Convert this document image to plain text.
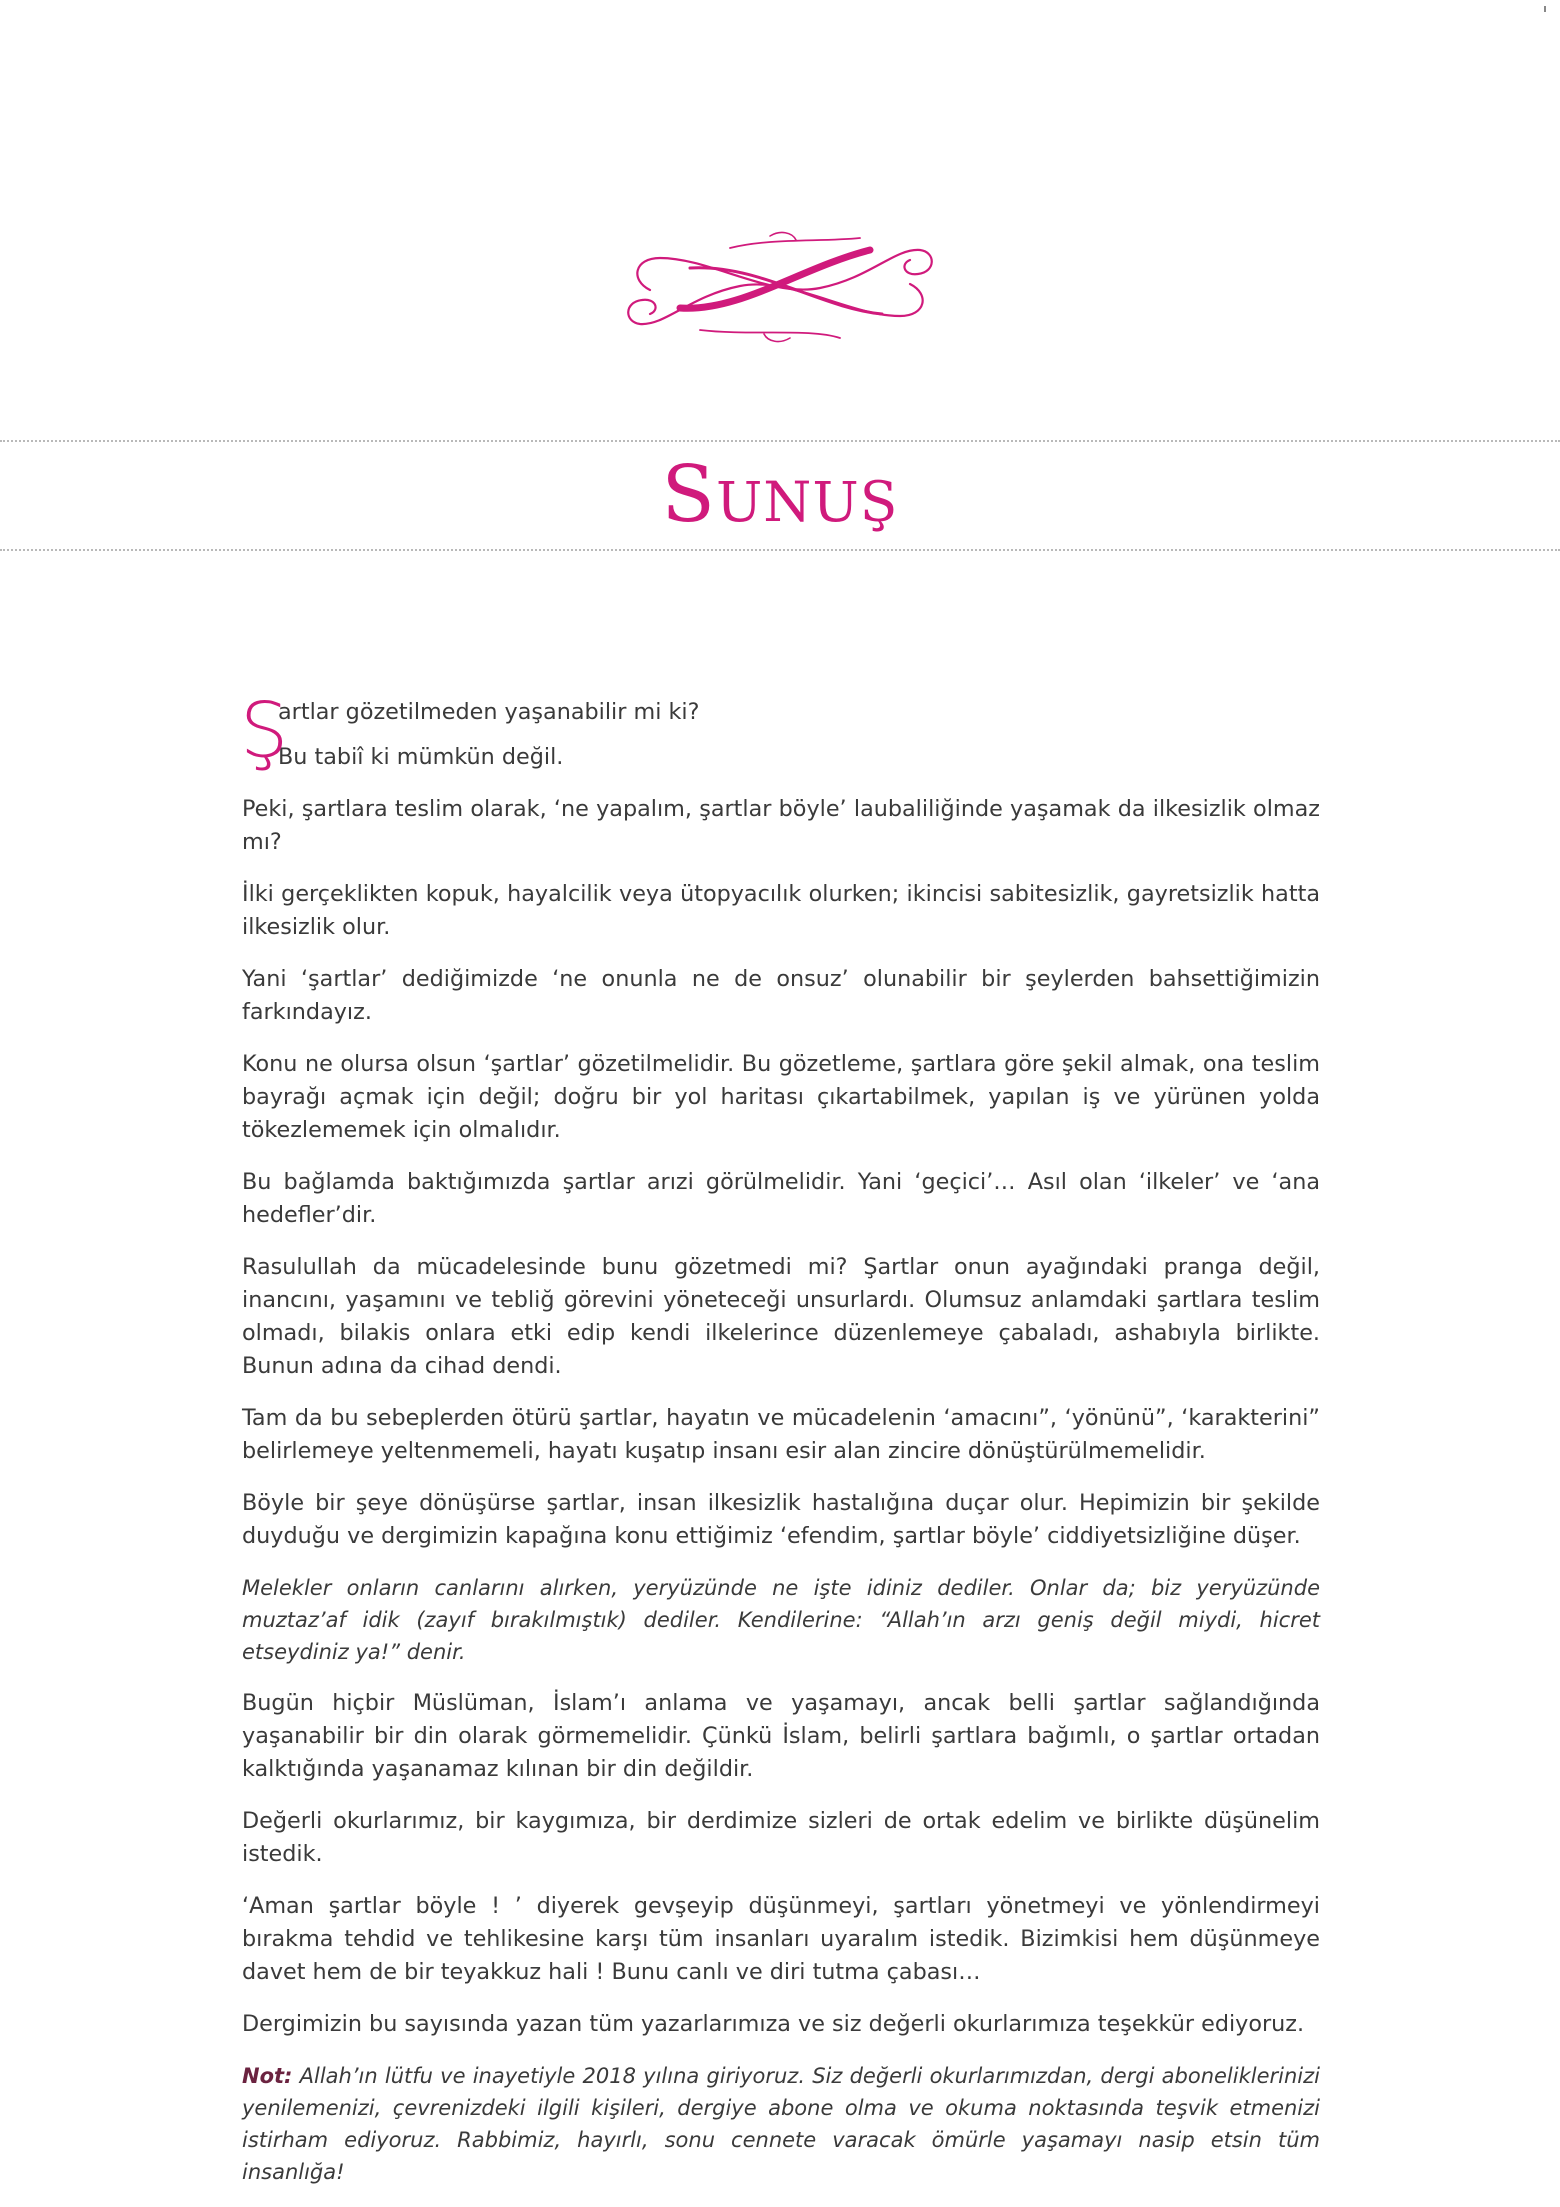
Sunuş
Ş

artlar gözetilmeden yaşanabilir mi ki?

Bu tabiî ki mümkün değil.

Peki, şartlara teslim olarak, ‘ne yapalım, şartlar böyle’ laubaliliğinde yaşamak da ilkesizlik olmaz mı?

İlki gerçeklikten kopuk, hayalcilik veya ütopyacılık olurken; ikincisi sabitesizlik, gayretsizlik hatta ilkesizlik olur.

Yani ‘şartlar’ dediğimizde ‘ne onunla ne de onsuz’ olunabilir bir şeylerden bahsettiğimizin farkındayız.

Konu ne olursa olsun ‘şartlar’ gözetilmelidir. Bu gözetleme, şartlara göre şekil almak, ona teslim bayrağı açmak için değil; doğru bir yol haritası çıkartabilmek, yapılan iş ve yürünen yolda tökezlememek için olmalıdır.

Bu bağlamda baktığımızda şartlar arızi görülmelidir. Yani ‘geçici’… Asıl olan ‘ilkeler’ ve ‘ana hedefler’dir.

Rasulullah da mücadelesinde bunu gözetmedi mi? Şartlar onun ayağındaki pranga değil, inancını, yaşamını ve tebliğ görevini yöneteceği unsurlardı. Olumsuz anlamdaki şartlara teslim olmadı, bilakis onlara etki edip kendi ilkelerince düzenlemeye çabaladı, ashabıyla birlikte. Bunun adına da cihad dendi.

Tam da bu sebeplerden ötürü şartlar, hayatın ve mücadelenin ‘amacını”, ‘yönünü”, ‘karakterini” belirlemeye yeltenmemeli, hayatı kuşatıp insanı esir alan zincire dönüştürülmemelidir.

Böyle bir şeye dönüşürse şartlar, insan ilkesizlik hastalığına duçar olur. Hepimizin bir şekilde duyduğu ve dergimizin kapağına konu ettiğimiz ‘efendim, şartlar böyle’ ciddiyetsizliğine düşer.

Melekler onların canlarını alırken, yeryüzünde ne işte idiniz dediler. Onlar da; biz yeryüzünde muztaz’af idik (zayıf bırakılmıştık) dediler. Kendilerine: “Allah’ın arzı geniş değil miydi, hicret etseydiniz ya!” denir.

Bugün hiçbir Müslüman, İslam’ı anlama ve yaşamayı, ancak belli şartlar sağlandığında yaşanabilir bir din olarak görmemelidir. Çünkü İslam, belirli şartlara bağımlı, o şartlar ortadan kalktığında yaşanamaz kılınan bir din değildir.

Değerli okurlarımız, bir kaygımıza, bir derdimize sizleri de ortak edelim ve birlikte düşünelim istedik.

‘Aman şartlar böyle ! ’ diyerek gevşeyip düşünmeyi, şartları yönetmeyi ve yönlendirmeyi bırakma tehdid ve tehlikesine karşı tüm insanları uyaralım istedik. Bizimkisi hem düşünmeye davet hem de bir teyakkuz hali ! Bunu canlı ve diri tutma çabası…

Dergimizin bu sayısında yazan tüm yazarlarımıza ve siz değerli okurlarımıza teşekkür ediyoruz.

Not: Allah’ın lütfu ve inayetiyle 2018 yılına giriyoruz. Siz değerli okurlarımızdan, dergi aboneliklerinizi yenilemenizi, çevrenizdeki ilgili kişileri, dergiye abone olma ve okuma noktasında teşvik etmenizi istirham ediyoruz. Rabbimiz, hayırlı, sonu cennete varacak ömürle yaşamayı nasip etsin tüm insanlığa!
